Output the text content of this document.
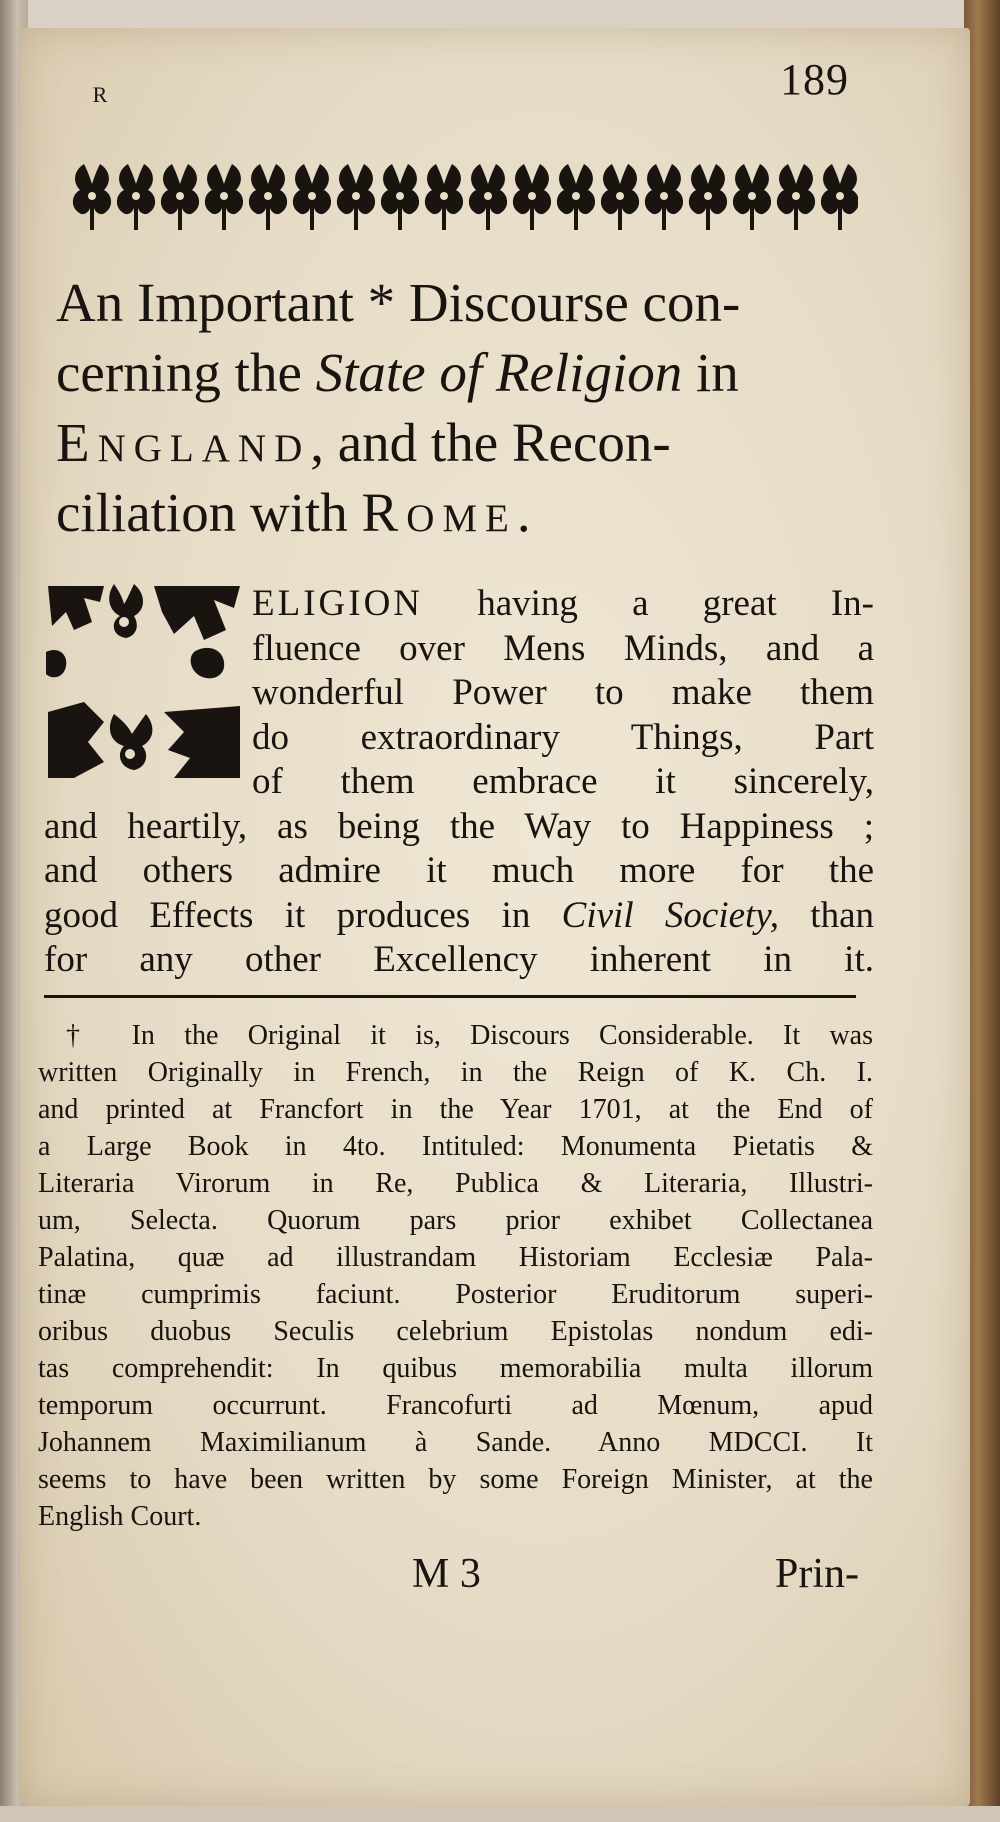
189
An Important * Discourse con-
cerning the State of Religion in
England, and the Recon-
ciliation with Rome.
R
ELIGION having a great In-
fluence over Mens Minds, and a
wonderful Power to make them
do extraordinary Things, Part
of them embrace it sincerely,
and heartily, as being the Way to Happiness ;
and others admire it much more for the
good Effects it produces in Civil Society, than
for any other Excellency inherent in it.
† In the Original it is, Discours Considerable. It was
written Originally in French, in the Reign of K. Ch. I.
and printed at Francfort in the Year 1701, at the End of
a Large Book in 4to. Intituled: Monumenta Pietatis &
Literaria Virorum in Re, Publica & Literaria, Illustri-
um, Selecta. Quorum pars prior exhibet Collectanea
Palatina, quæ ad illustrandam Historiam Ecclesiæ Pala-
tinæ cumprimis faciunt. Posterior Eruditorum superi-
oribus duobus Seculis celebrium Epistolas nondum edi-
tas comprehendit: In quibus memorabilia multa illorum
temporum occurrunt. Francofurti ad Mœnum, apud
Johannem Maximilianum à Sande. Anno MDCCI. It
seems to have been written by some Foreign Minister, at the
English Court.
M 3	Prin-
